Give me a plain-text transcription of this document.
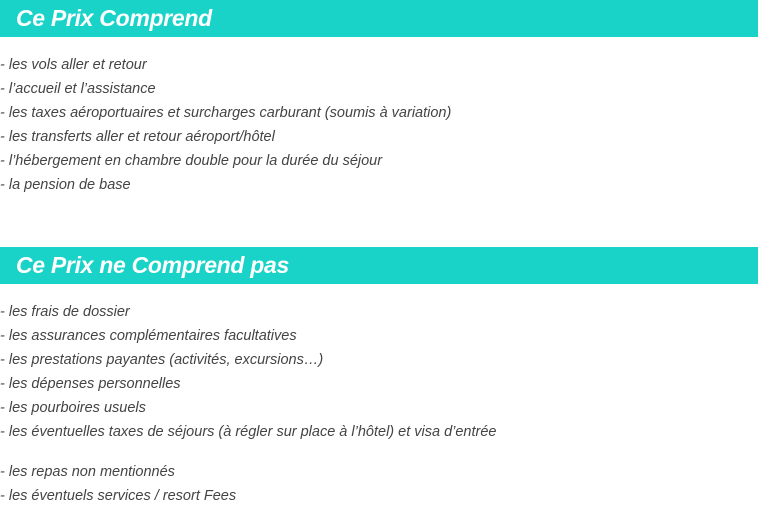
Ce Prix Comprend
- les vols aller et retour
- l’accueil et l’assistance
- les taxes aéroportuaires et surcharges carburant (soumis à variation)
- les transferts aller et retour aéroport/hôtel
- l’hébergement en chambre double pour la durée du séjour
- la pension de base
Ce Prix ne Comprend pas
- les frais de dossier
- les assurances complémentaires facultatives
- les prestations payantes (activités, excursions…)
- les dépenses personnelles
- les pourboires usuels
- les éventuelles taxes de séjours (à régler sur place à l’hôtel) et visa d’entrée
- les repas non mentionnés
- les éventuels services / resort Fees
